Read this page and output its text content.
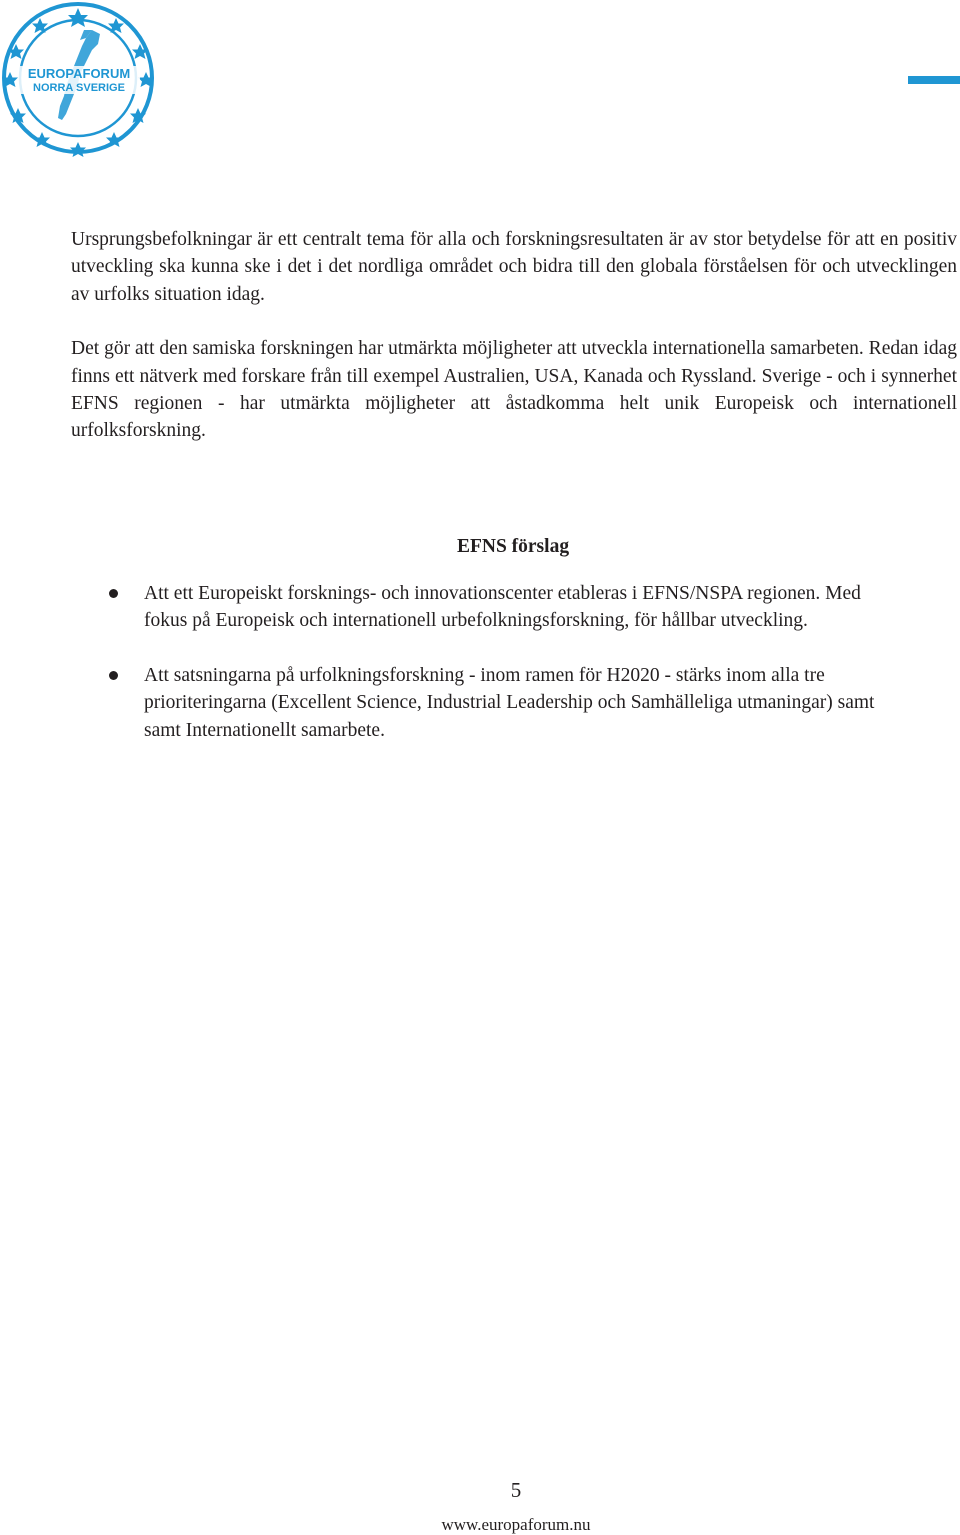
EUROPAFORUM
NORRA SVERIGE

Ursprungsbefolkningar är ett centralt tema för alla och forskningsresultaten är av stor betydelse för att en positiv utveckling ska kunna ske i det i det nordliga området och bidra till den globala förståelsen för och utvecklingen av urfolks situation idag.

Det gör att den samiska forskningen har utmärkta möjligheter att utveckla internationella samarbeten. Redan idag finns ett nätverk med forskare från till exempel Australien, USA, Kanada och Ryssland. Sverige - och i synnerhet EFNS regionen - har utmärkta möjligheter att åstadkomma helt unik Europeisk och internationell urfolksforskning.

EFNS förslag
Att ett Europeiskt forsknings- och innovationscenter etableras i EFNS/NSPA regionen. Med fokus på Europeisk och internationell urbefolkningsforskning, för hållbar utveckling.
Att satsningarna på urfolkningsforskning - inom ramen för H2020 - stärks inom alla tre prioriteringarna (Excellent Science, Industrial Leadership och Samhälleliga utmaningar) samt samt Internationellt samarbete.
5
www.europaforum.nu
